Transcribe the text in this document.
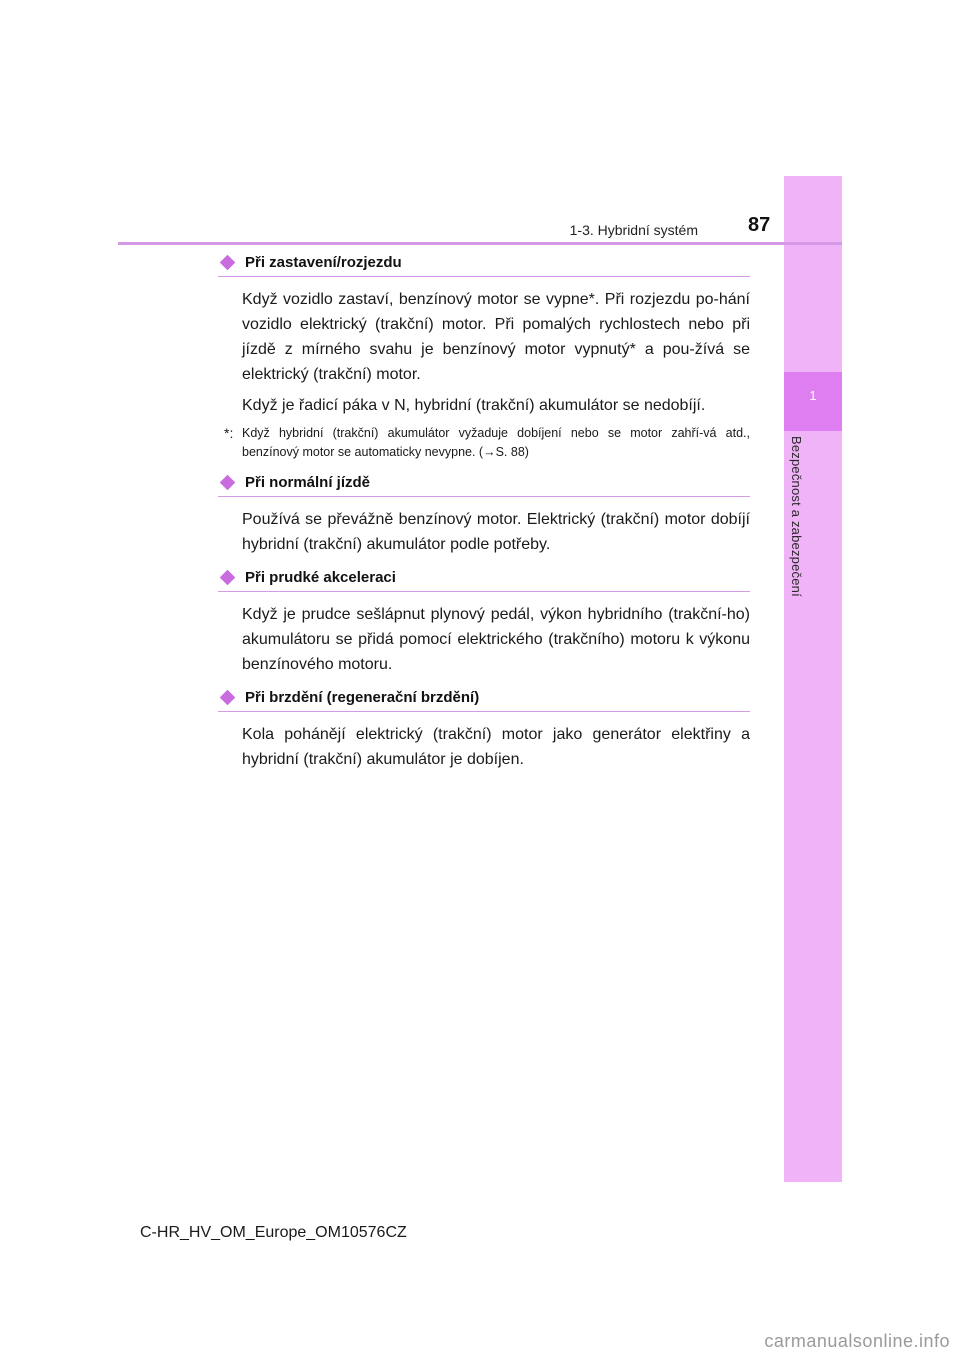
1
Bezpečnost a zabezpečení
1-3. Hybridní systém	87
Při zastavení/rozjezdu

Když vozidlo zastaví, benzínový motor se vypne*. Při rozjezdu po-hání vozidlo elektrický (trakční) motor. Při pomalých rychlostech nebo při jízdě z mírného svahu je benzínový motor vypnutý* a pou-žívá se elektrický (trakční) motor.

Když je řadicí páka v N, hybridní (trakční) akumulátor se nedobíjí.

*: Když hybridní (trakční) akumulátor vyžaduje dobíjení nebo se motor zahří-vá atd., benzínový motor se automaticky nevypne. (→S. 88)
Při normální jízdě

Používá se převážně benzínový motor. Elektrický (trakční) motor dobíjí hybridní (trakční) akumulátor podle potřeby.

Při prudké akceleraci

Když je prudce sešlápnut plynový pedál, výkon hybridního (trakční-ho) akumulátoru se přidá pomocí elektrického (trakčního) motoru k výkonu benzínového motoru.

Při brzdění (regenerační brzdění)

Kola pohánějí elektrický (trakční) motor jako generátor elektřiny a hybridní (trakční) akumulátor je dobíjen.

C-HR_HV_OM_Europe_OM10576CZ
carmanualsonline.info
